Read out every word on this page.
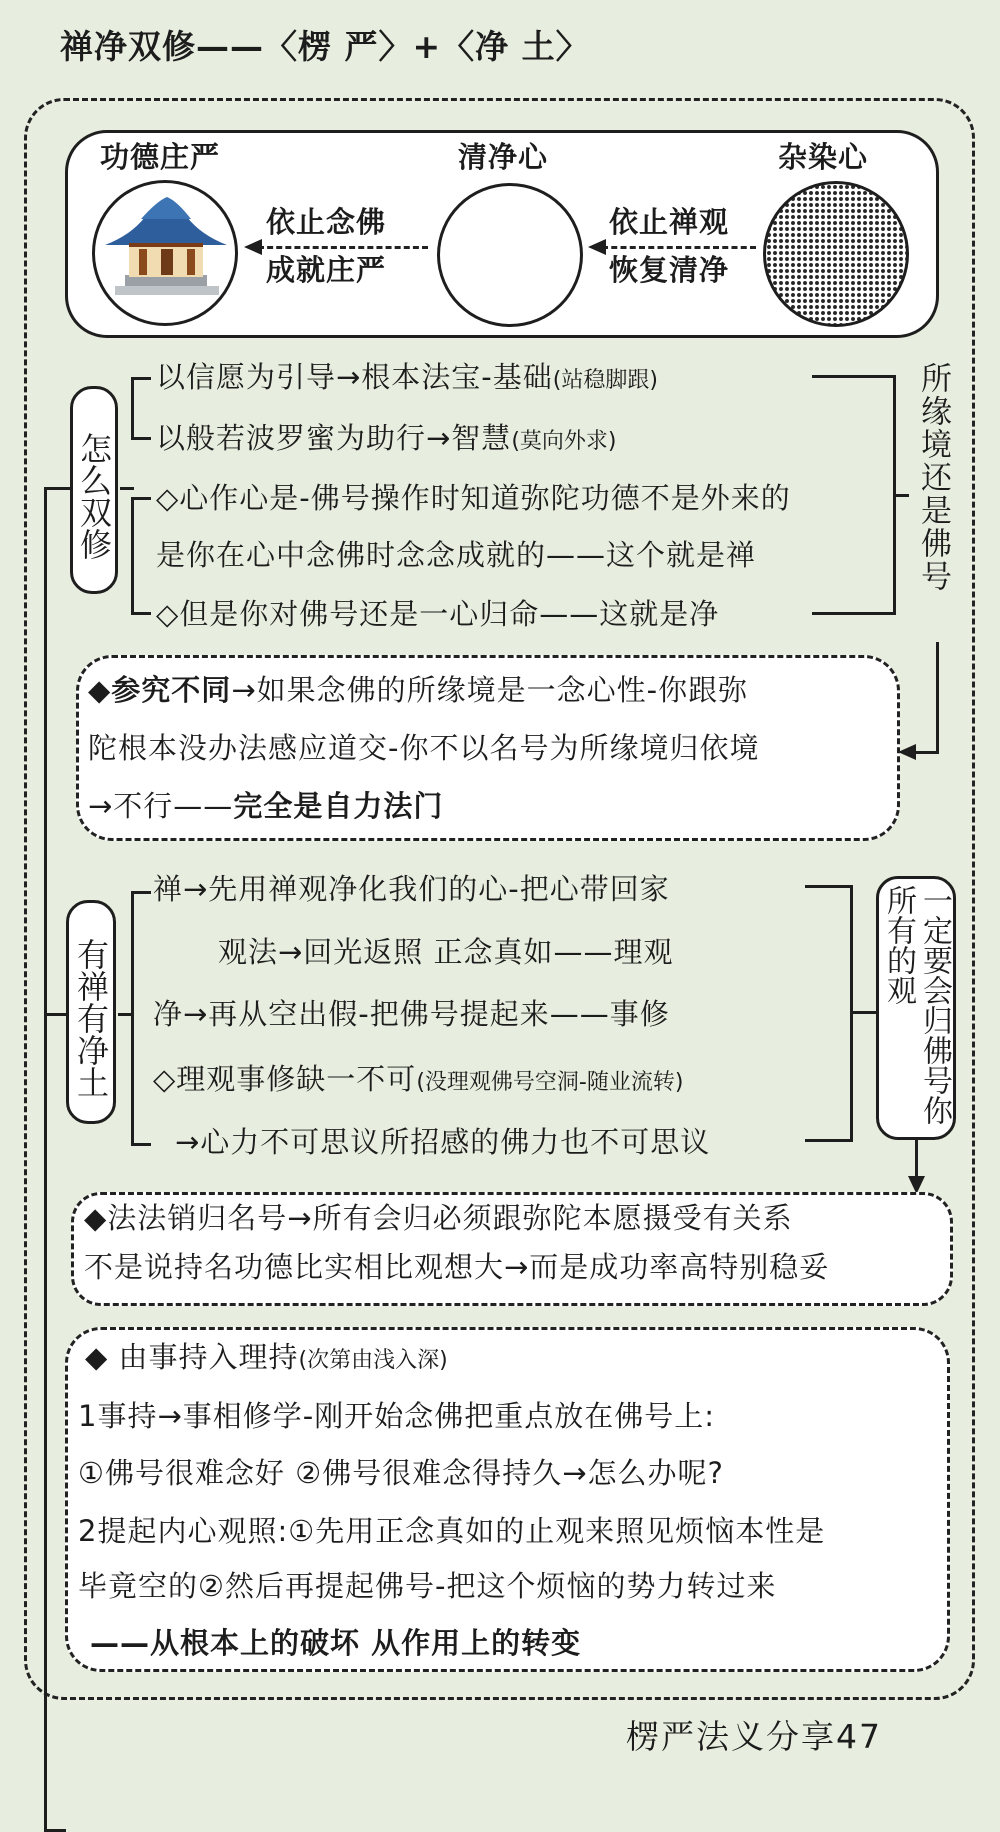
禅净双修——〈楞 严〉+〈净 土〉
功德庄严	清净心	杂染心
依止念佛
成就庄严
依止禅观
恢复清净
怎么双修
以信愿为引导→根本法宝-基础(站稳脚跟)
以般若波罗蜜为助行→智慧(莫向外求)
◇心作心是-佛号操作时知道弥陀功德不是外来的
是你在心中念佛时念念成就的——这个就是禅
◇但是你对佛号还是一心归命——这就是净
所缘境还是佛号
◆参究不同→如果念佛的所缘境是一念心性-你跟弥
陀根本没办法感应道交-你不以名号为所缘境归依境
→不行——完全是自力法门
有禅有净土
禅→先用禅观净化我们的心-把心带回家
观法→回光返照 正念真如——理观
净→再从空出假-把佛号提起来——事修
◇理观事修缺一不可(没理观佛号空洞-随业流转)
→心力不可思议所招感的佛力也不可思议
一定要会归佛号你所有的观
◆法法销归名号→所有会归必须跟弥陀本愿摄受有关系
不是说持名功德比实相比观想大→而是成功率高特别稳妥
◆ 由事持入理持(次第由浅入深)
1事持→事相修学-刚开始念佛把重点放在佛号上:
①佛号很难念好 ②佛号很难念得持久→怎么办呢?
2提起内心观照:①先用正念真如的止观来照见烦恼本性是
毕竟空的②然后再提起佛号-把这个烦恼的势力转过来
——从根本上的破坏 从作用上的转变
楞严法义分享47
